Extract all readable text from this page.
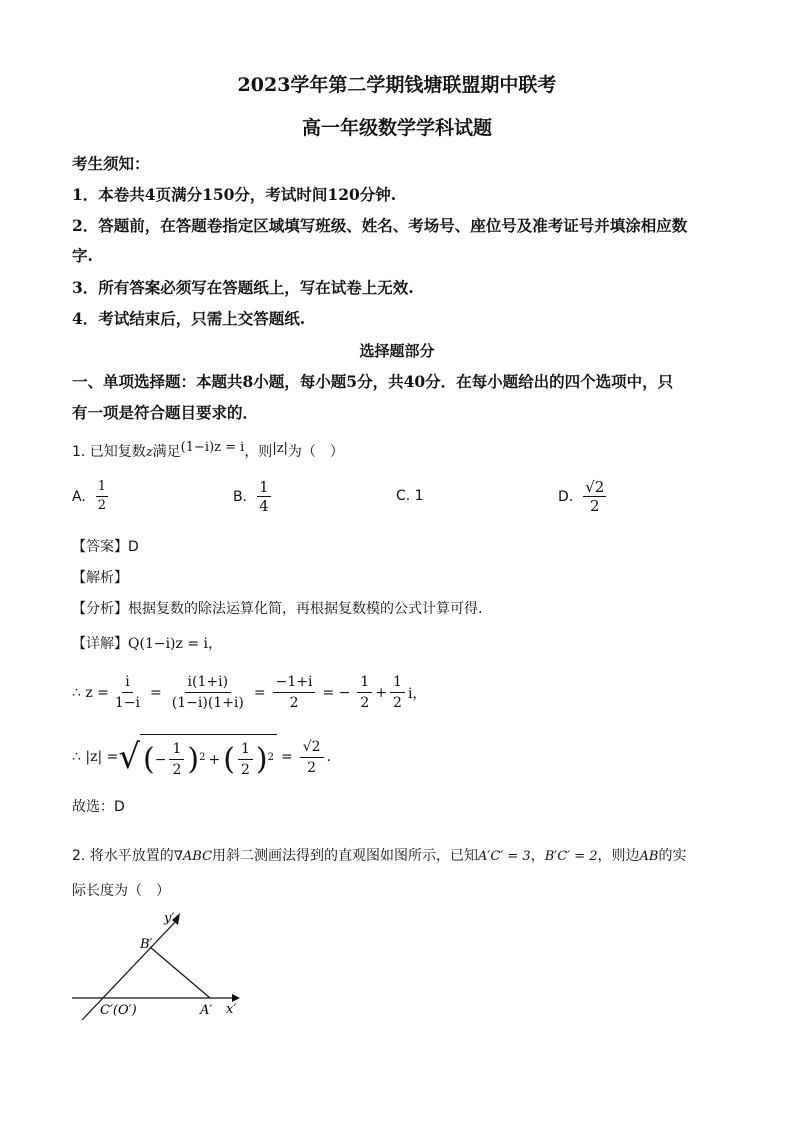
2023学年第二学期钱塘联盟期中联考
高一年级数学学科试题
考生须知：
1．本卷共4页满分150分，考试时间120分钟.
2．答题前，在答题卷指定区域填写班级、姓名、考场号、座位号及准考证号并填涂相应数
字.
3．所有答案必须写在答题纸上，写在试卷上无效.
4．考试结束后，只需上交答题纸.
选择题部分
一、单项选择题：本题共8小题，每小题5分，共40分．在每小题给出的四个选项中，只
有一项是符合题目要求的．
1. 已知复数z满足(1−i)z = i，则|z|为（　）
A. $\frac{1}{2}$	B. $\frac{1}{4}$	C. 1	D. $\frac{√2}{2}$
【答案】D
【解析】
【分析】根据复数的除法运算化简，再根据复数模的公式计算可得.
【详解】Q(1−i)z = i，
∴ $z = \frac{i}{1-i} = \frac{i(1+i)}{(1-i)(1+i)} = \frac{-1+i}{2}$ = − $\frac{1}{2} + \frac{1}{2}$ i，
∴ |z| = √ ( − $\frac{1}{2}$ ) 2 + ( $\frac{1}{2}$ ) $2 = \frac{√2}{2}$ .
故选：D
2. 将水平放置的∇ABC用斜二测画法得到的直观图如图所示，已知A′C′ = 3，B′C′ = 2，则边AB的实
际长度为（　）
y′
B′
C′(O′)	A′ x′
